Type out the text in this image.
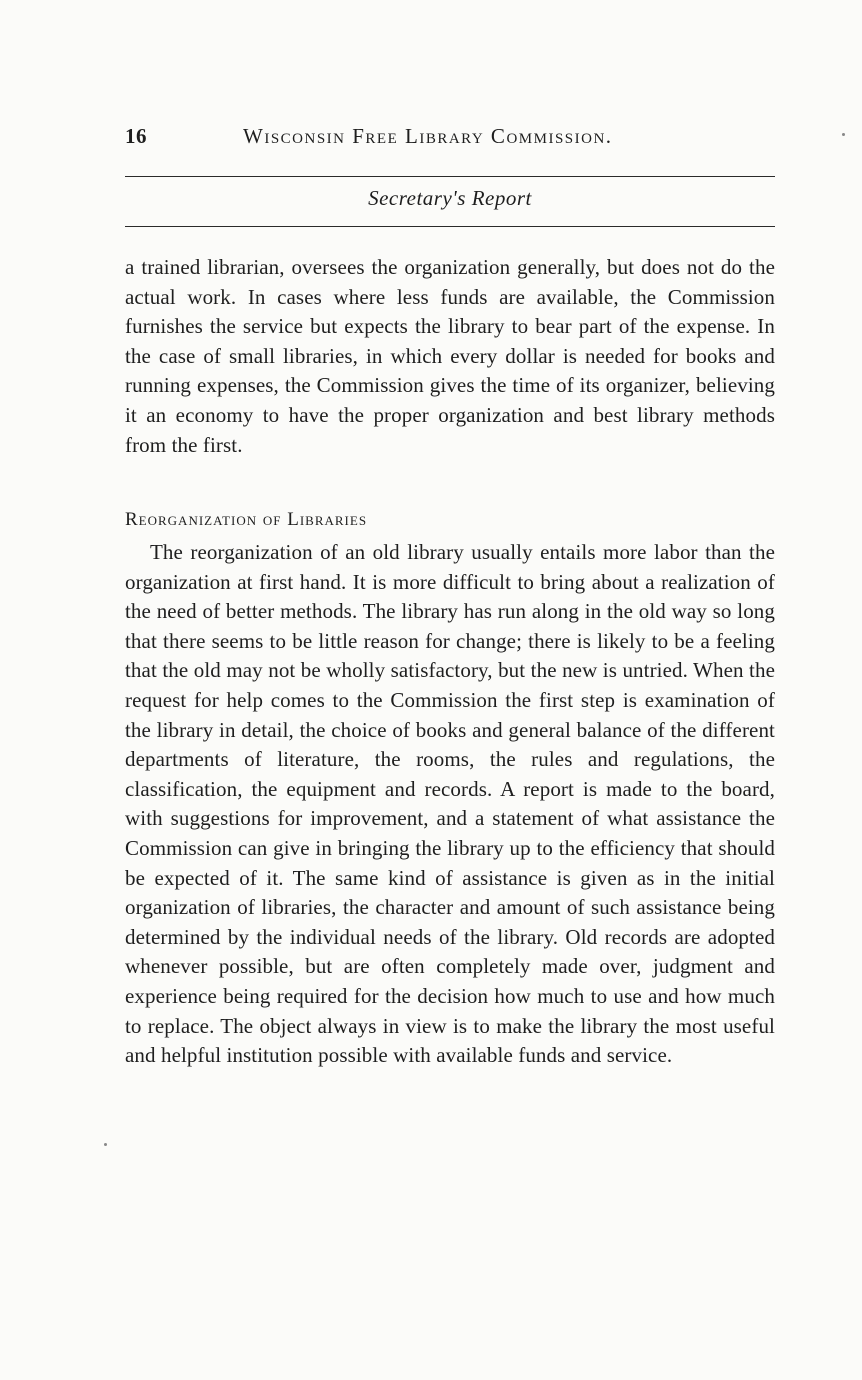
16	Wisconsin Free Library Commission.
Secretary's Report

a trained librarian, oversees the organization generally, but does not do the actual work. In cases where less funds are available, the Commission furnishes the service but expects the library to bear part of the expense. In the case of small libraries, in which every dollar is needed for books and running expenses, the Commission gives the time of its organizer, believing it an economy to have the proper organization and best library methods from the first.

Reorganization of Libraries

The reorganization of an old library usually entails more labor than the organization at first hand. It is more difficult to bring about a realization of the need of better methods. The library has run along in the old way so long that there seems to be little reason for change; there is likely to be a feeling that the old may not be wholly satisfactory, but the new is untried. When the request for help comes to the Commission the first step is examination of the library in detail, the choice of books and general balance of the different departments of literature, the rooms, the rules and regulations, the classification, the equipment and records. A report is made to the board, with suggestions for improvement, and a statement of what assistance the Commission can give in bringing the library up to the efficiency that should be expected of it. The same kind of assistance is given as in the initial organization of libraries, the character and amount of such assistance being determined by the individual needs of the library. Old records are adopted whenever possible, but are often completely made over, judgment and experience being required for the decision how much to use and how much to replace. The object always in view is to make the library the most useful and helpful institution possible with available funds and service.
